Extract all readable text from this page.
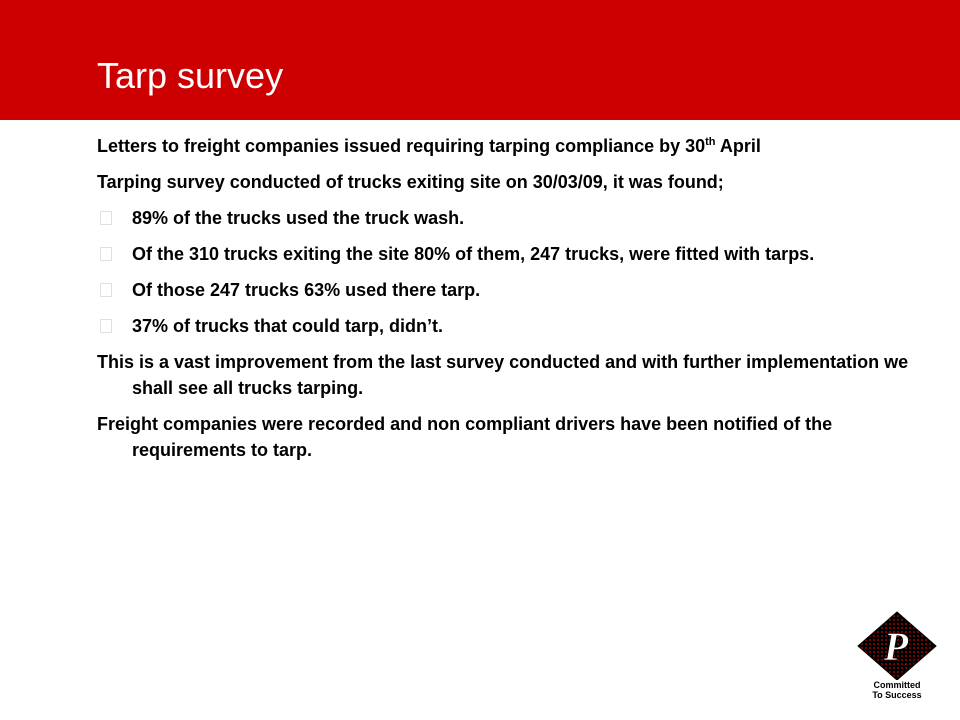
Tarp survey

Letters to freight companies issued requiring tarping compliance by 30th April

Tarping survey conducted of trucks exiting site on 30/03/09, it was found;

89% of the trucks used the truck wash.
Of the 310 trucks exiting the site 80% of them, 247 trucks, were fitted with tarps.
Of those 247 trucks 63% used there tarp.
37% of trucks that could tarp, didn’t.

This is a vast improvement from the last survey conducted and with further implementation we shall see all trucks tarping.

Freight companies were recorded and non compliant drivers have been notified of the requirements to tarp.

P
Committed
To Success
